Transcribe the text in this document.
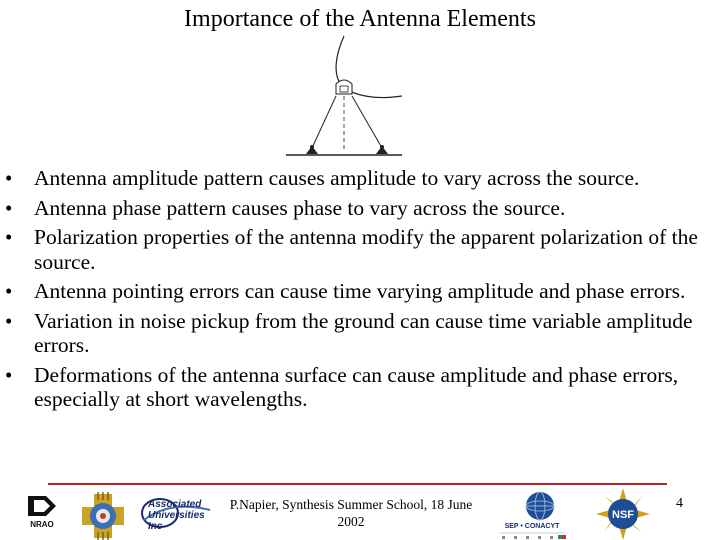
Importance of the Antenna Elements
• Antenna amplitude pattern causes amplitude to vary across the source.
• Antenna phase pattern causes phase to vary across the source.
• Polarization properties of the antenna modify the apparent polarization of the source.
• Antenna pointing errors can cause time varying amplitude and phase errors.
• Variation in noise pickup from the ground can cause time variable amplitude errors.
• Deformations of the antenna surface can cause amplitude and phase errors, especially at short wavelengths.
NRAO
Associated Universities Inc
P.Napier, Synthesis Summer School, 18 June 2002	SEP • CONACYT
NSF
4
